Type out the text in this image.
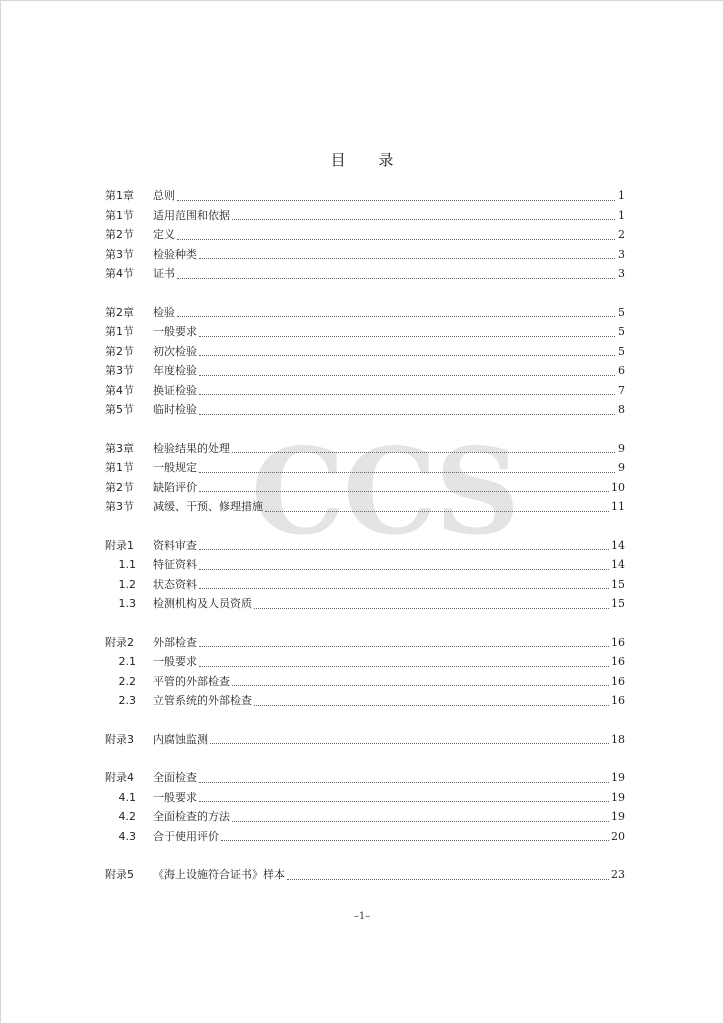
CCS
目 录
第1章	总则	1
第1节	适用范围和依据	1
第2节	定义	2
第3节	检验种类	3
第4节	证书	3
第2章	检验	5
第1节	一般要求	5
第2节	初次检验	5
第3节	年度检验	6
第4节	换证检验	7
第5节	临时检验	8
第3章	检验结果的处理	9
第1节	一般规定	9
第2节	缺陷评价	10
第3节	减缓、干预、修理措施	11
附录1	资料审查	14
1.1	特征资料	14
1.2	状态资料	15
1.3	检测机构及人员资质	15
附录2	外部检查	16
2.1	一般要求	16
2.2	平管的外部检查	16
2.3	立管系统的外部检查	16
附录3	内腐蚀监测	18
附录4	全面检查	19
4.1	一般要求	19
4.2	全面检查的方法	19
4.3	合于使用评价	20
附录5	《海上设施符合证书》样本	23
–1–
